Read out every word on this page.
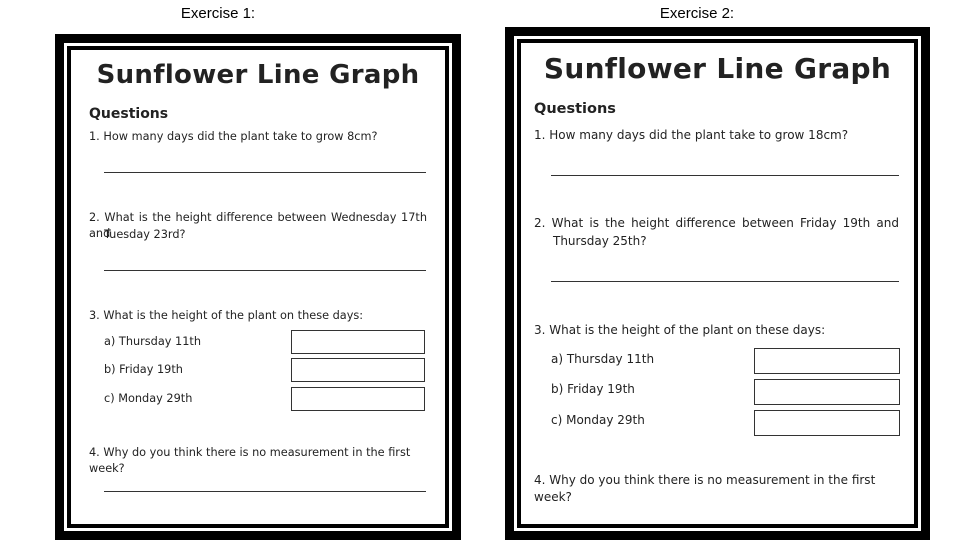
Exercise 1:	Exercise 2:
Sunflower Line Graph
Questions
1. How many days did the plant take to grow 8cm?
2. What is the height difference between Wednesday 17th and
Tuesday 23rd?
3. What is the height of the plant on these days:
a) Thursday 11th
b) Friday 19th
c) Monday 29th
4. Why do you think there is no measurement in the first week?
Sunflower Line Graph
Questions
1. How many days did the plant take to grow 18cm?
2. What is the height difference between Friday 19th and
Thursday 25th?
3. What is the height of the plant on these days:
a) Thursday 11th
b) Friday 19th
c) Monday 29th
4. Why do you think there is no measurement in the first week?
